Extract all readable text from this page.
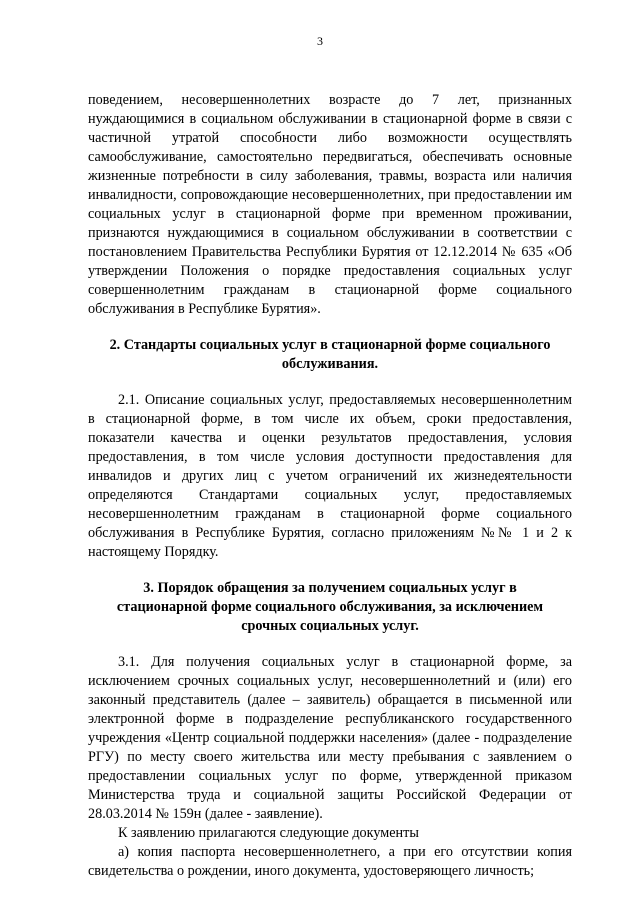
3

поведением, несовершеннолетних возрасте до 7 лет, признанных нуждающимися в социальном обслуживании в стационарной форме в связи с частичной утратой способности либо возможности осуществлять самообслуживание, самостоятельно передвигаться, обеспечивать основные жизненные потребности в силу заболевания, травмы, возраста или наличия инвалидности, сопровождающие несовершеннолетних, при предоставлении им социальных услуг в стационарной форме при временном проживании, признаются нуждающимися в социальном обслуживании в соответствии с постановлением Правительства Республики Бурятия от 12.12.2014 № 635 «Об утверждении Положения о порядке предоставления социальных услуг совершеннолетним гражданам в стационарной форме социального обслуживания в Республике Бурятия».

2. Стандарты социальных услуг в стационарной форме социального
обслуживания.

2.1. Описание социальных услуг, предоставляемых несовершеннолетним в стационарной форме, в том числе их объем, сроки предоставления, показатели качества и оценки результатов предоставления, условия предоставления, в том числе условия доступности предоставления для инвалидов и других лиц с учетом ограничений их жизнедеятельности определяются Стандартами социальных услуг, предоставляемых несовершеннолетним гражданам в стационарной форме социального обслуживания в Республике Бурятия, согласно приложениям №№ 1 и 2 к настоящему Порядку.

3. Порядок обращения за получением социальных услуг в
стационарной форме социального обслуживания, за исключением
срочных социальных услуг.

3.1. Для получения социальных услуг в стационарной форме, за исключением срочных социальных услуг, несовершеннолетний и (или) его законный представитель (далее – заявитель) обращается в письменной или электронной форме в подразделение республиканского государственного учреждения «Центр социальной поддержки населения» (далее - подразделение РГУ) по месту своего жительства или месту пребывания с заявлением о предоставлении социальных услуг по форме, утвержденной приказом Министерства труда и социальной защиты Российской Федерации от 28.03.2014 № 159н (далее - заявление).

К заявлению прилагаются следующие документы

а) копия паспорта несовершеннолетнего, а при его отсутствии копия свидетельства о рождении, иного документа, удостоверяющего личность;
